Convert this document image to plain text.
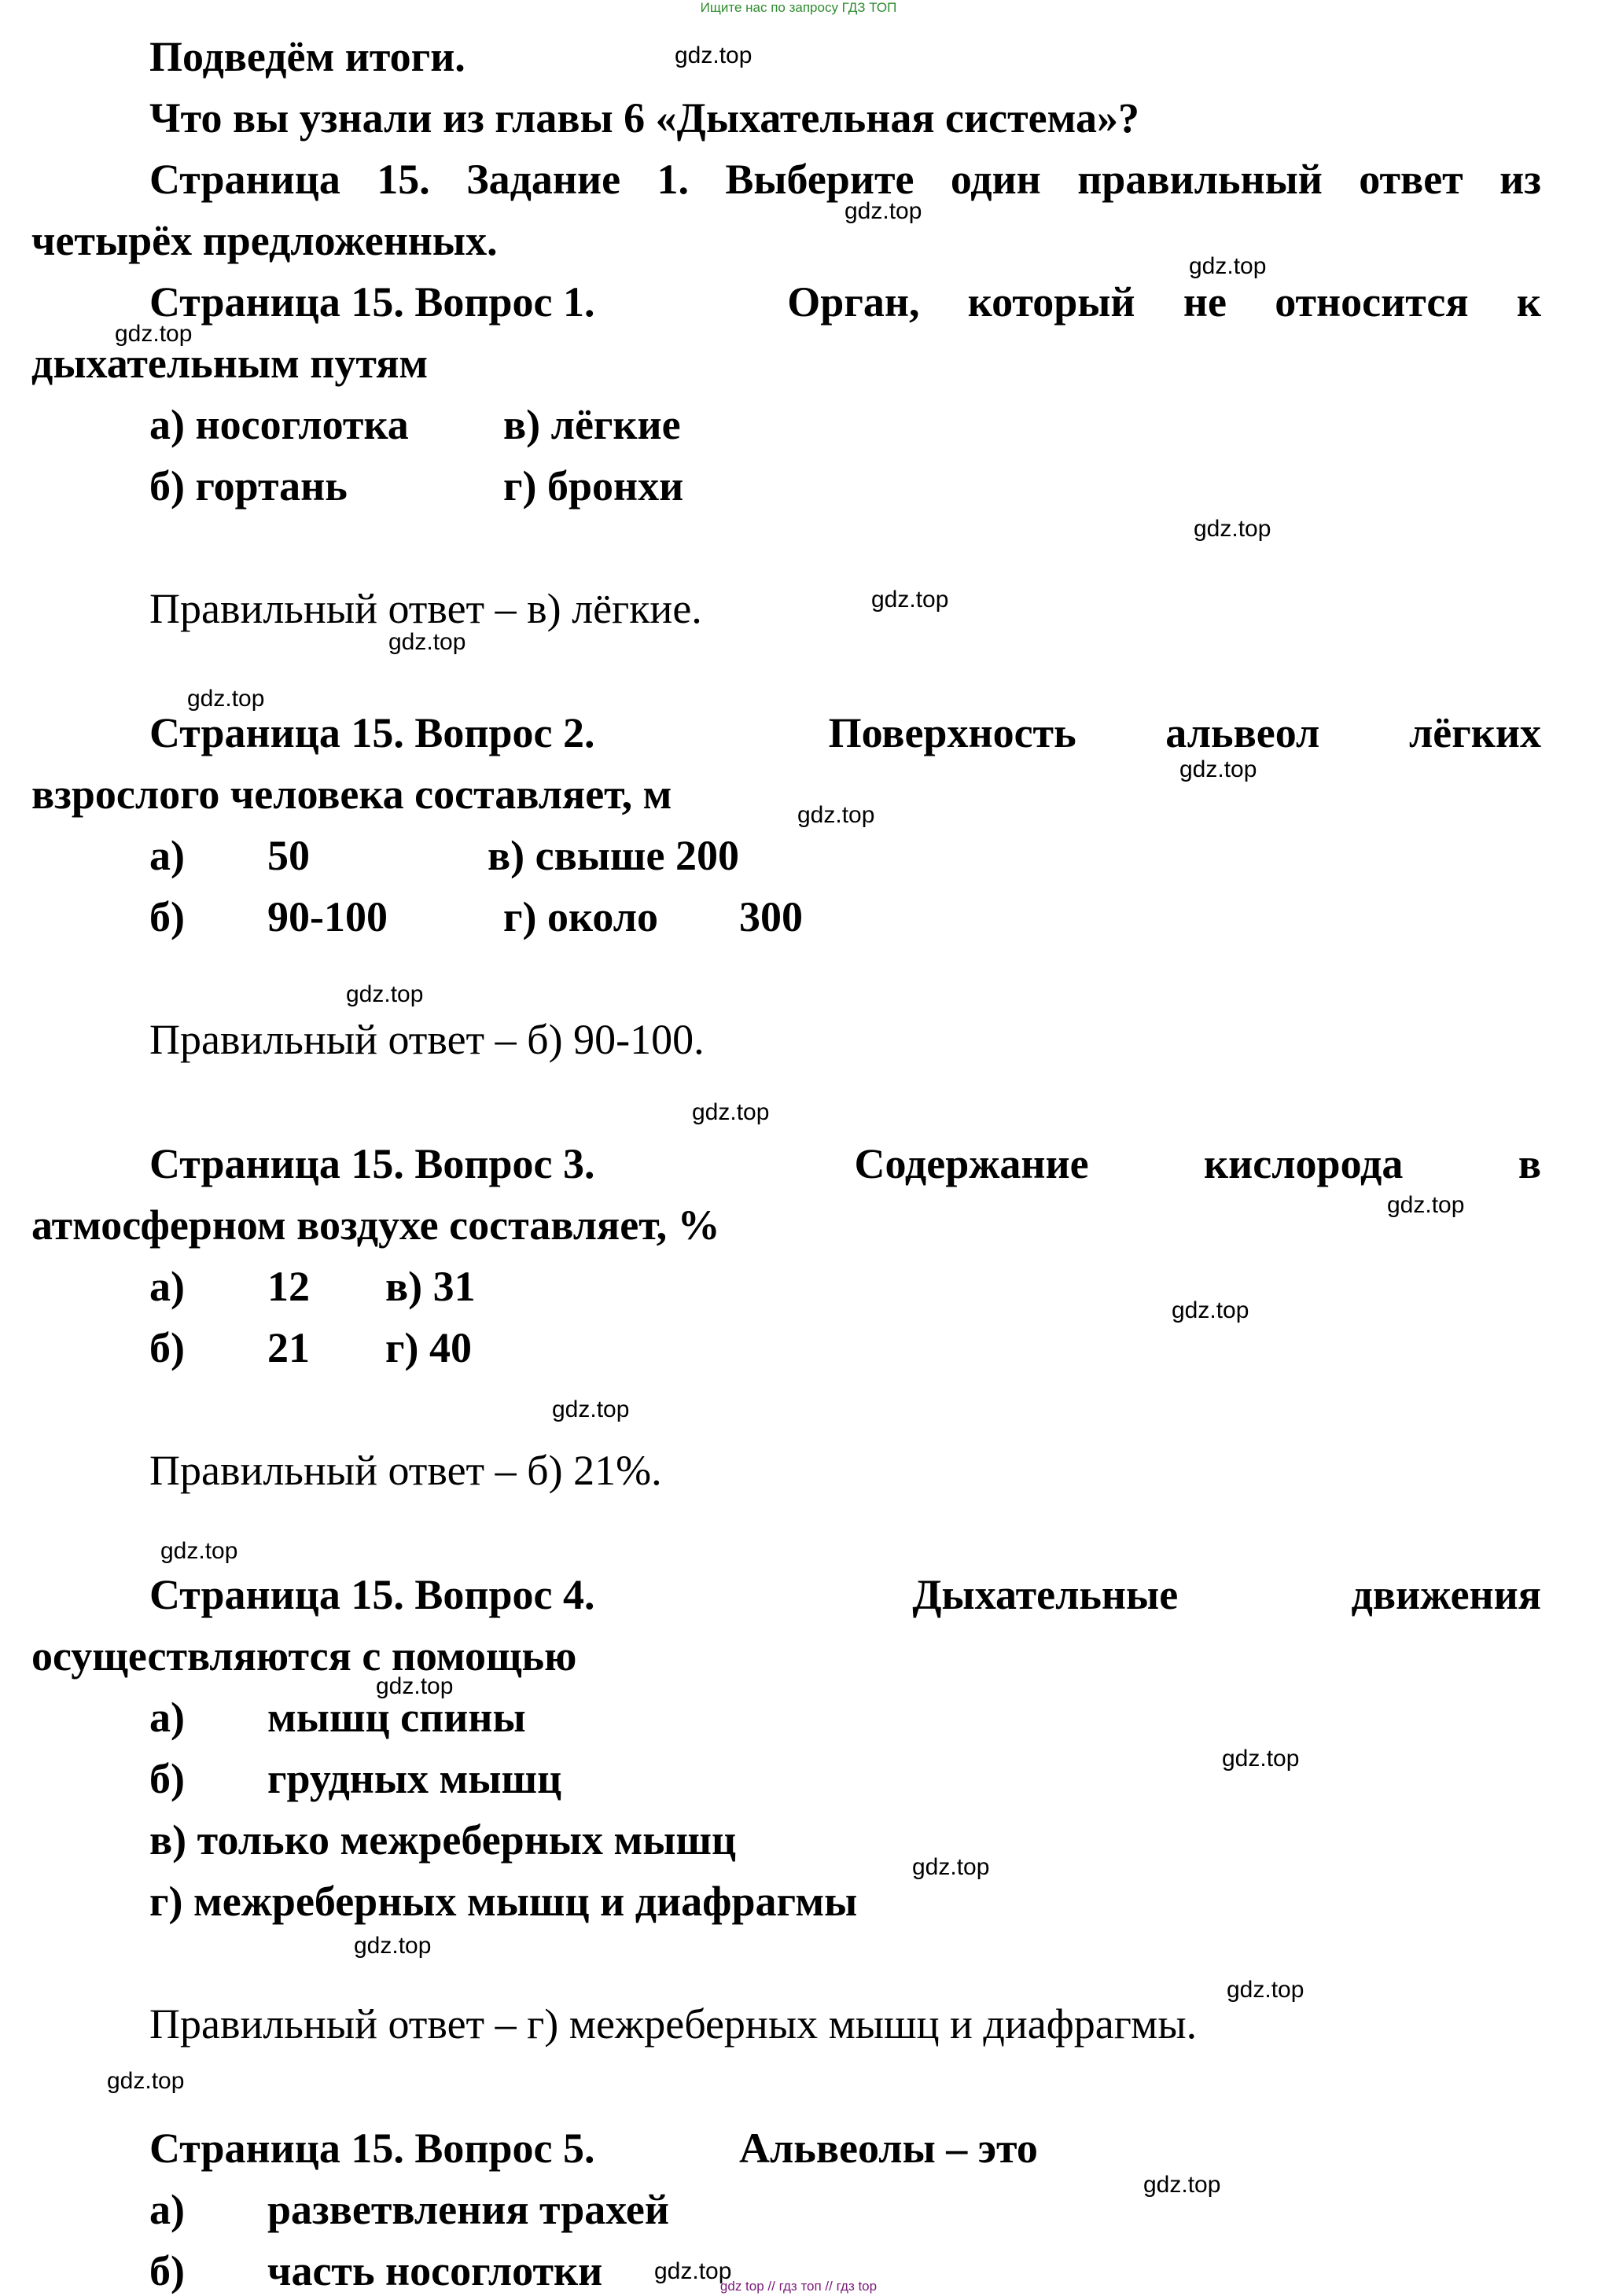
Ищите нас по запросу ГДЗ ТОП
Подведём итоги.
Что вы узнали из главы 6 «Дыхательная система»?
Страница 15. Задание 1. Выберите один правильный ответ из
четырёх предложенных.
Страница 15. Вопрос 1.	Орган, который не относится к
дыхательным путям
а) носоглотка в) лёгкие
б) гортань	г) бронхи
Правильный ответ – в) лёгкие.
Страница 15. Вопрос 2.	Поверхность альвеол лёгких
взрослого человека составляет, м
а) 50	в) свыше 200
б) 90-100	г) около 300
Правильный ответ – б) 90-100.
Страница 15. Вопрос 3.	Содержание	кислорода	в
атмосферном воздухе составляет, %
а) 12 в) 31
б) 21 г) 40
Правильный ответ – б) 21%.
Страница 15. Вопрос 4.	Дыхательные	движения
осуществляются с помощью
а) мышц спины
б) грудных мышц
в) только межреберных мышц
г) межреберных мышц и диафрагмы
Правильный ответ – г) межреберных мышц и диафрагмы.
Страница 15. Вопрос 5.	Альвеолы – это
а) разветвления трахей
б) часть носоглотки
gdz.top
gdz.top
gdz.top
gdz.top
gdz.top
gdz.top
gdz.top
gdz.top
gdz.top
gdz.top
gdz.top
gdz.top
gdz.top
gdz.top
gdz.top
gdz.top
gdz.top
gdz.top
gdz.top
gdz.top
gdz.top
gdz.top
gdz.top
gdz.top
gdz top // гдз топ // гдз top
